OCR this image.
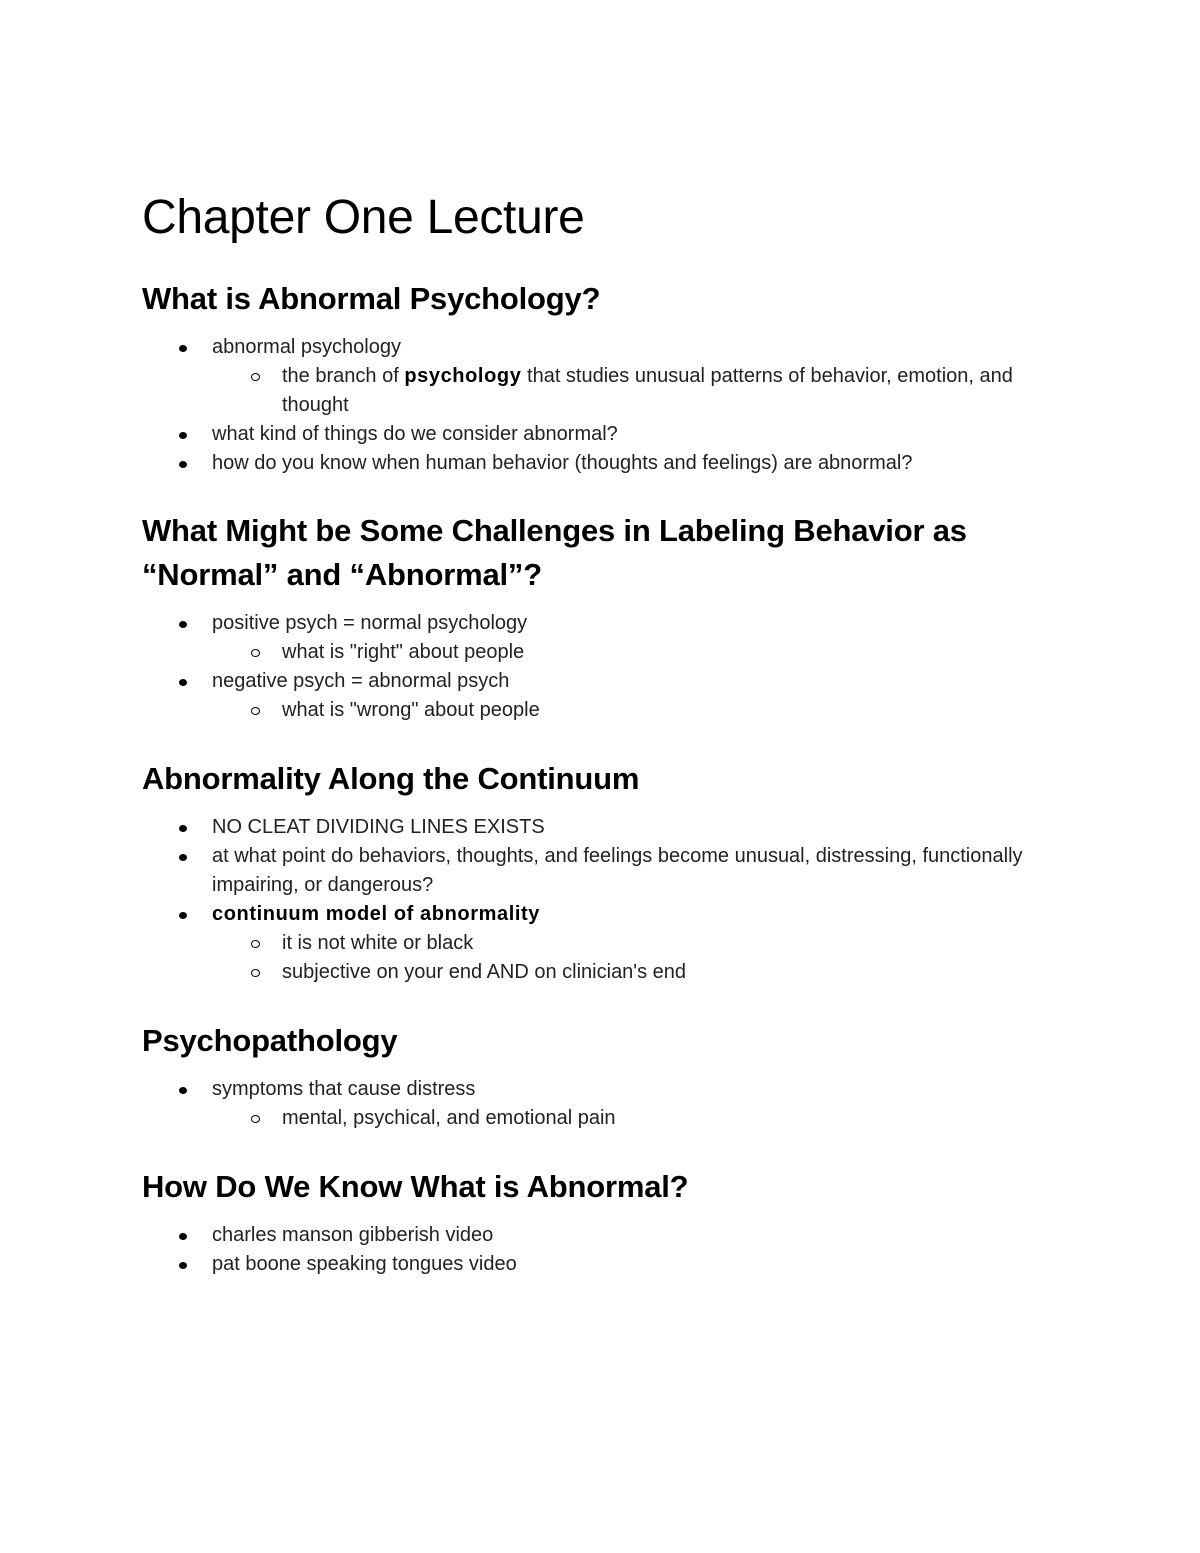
Chapter One Lecture
What is Abnormal Psychology?
abnormal psychology
the branch of psychology that studies unusual patterns of behavior, emotion, and thought
what kind of things do we consider abnormal?
how do you know when human behavior (thoughts and feelings) are abnormal?
What Might be Some Challenges in Labeling Behavior as “Normal” and “Abnormal”?
positive psych = normal psychology
what is "right" about people
negative psych = abnormal psych
what is "wrong" about people
Abnormality Along the Continuum
NO CLEAT DIVIDING LINES EXISTS
at what point do behaviors, thoughts, and feelings become unusual, distressing, functionally impairing, or dangerous?
continuum model of abnormality
it is not white or black
subjective on your end AND on clinician's end
Psychopathology
symptoms that cause distress
mental, psychical, and emotional pain
How Do We Know What is Abnormal?
charles manson gibberish video
pat boone speaking tongues video
